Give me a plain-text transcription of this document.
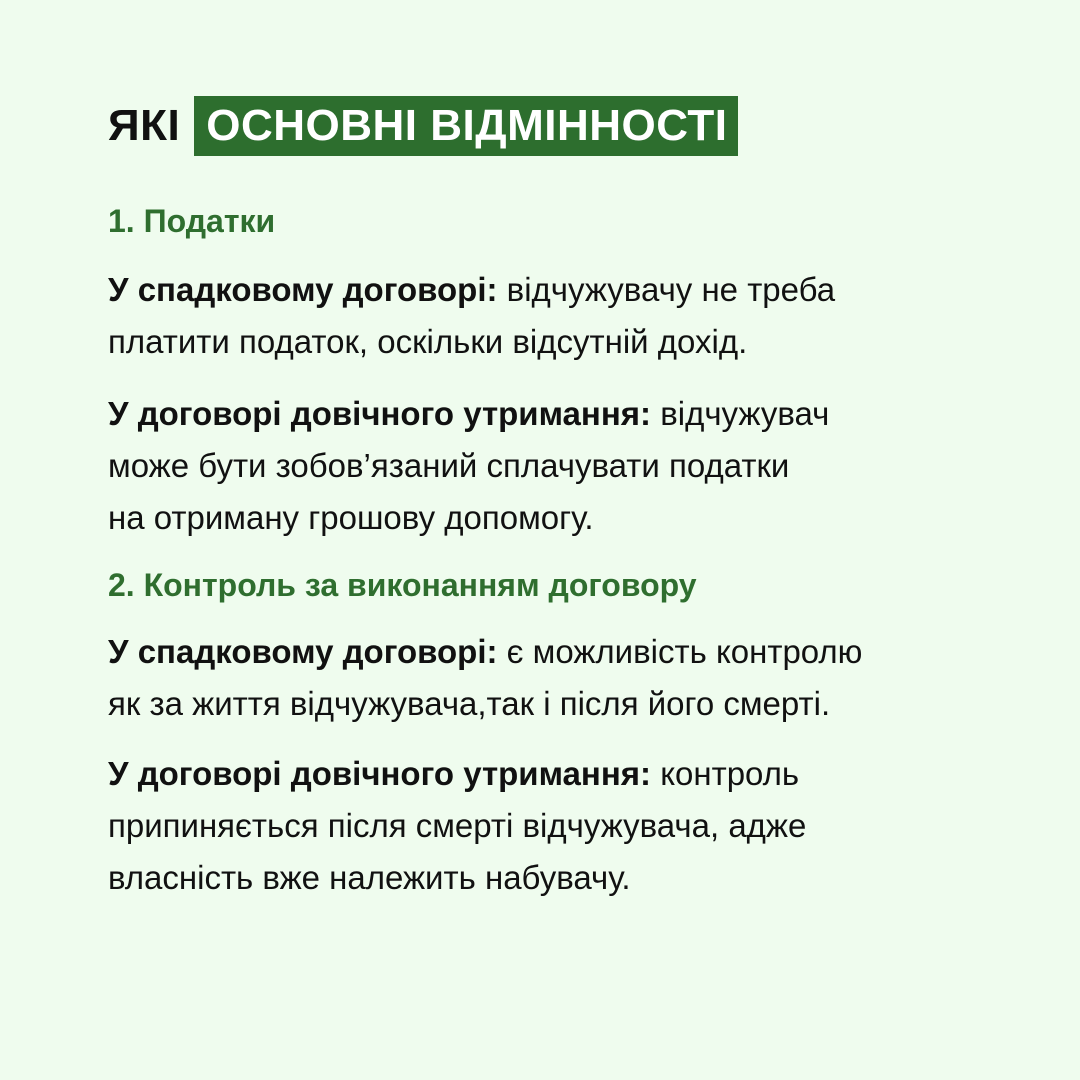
ЯКІ ОСНОВНІ ВІДМІННОСТІ
1. Податки
У спадковому договорі: відчужувачу не треба
платити податок, оскільки відсутній дохід.
У договорі довічного утримання: відчужувач
може бути зобов’язаний сплачувати податки
на отриману грошову допомогу.
2. Контроль за виконанням договору
У спадковому договорі: є можливість контролю
як за життя відчужувача,так і після його смерті.
У договорі довічного утримання: контроль
припиняється після смерті відчужувача, адже
власність вже належить набувачу.
